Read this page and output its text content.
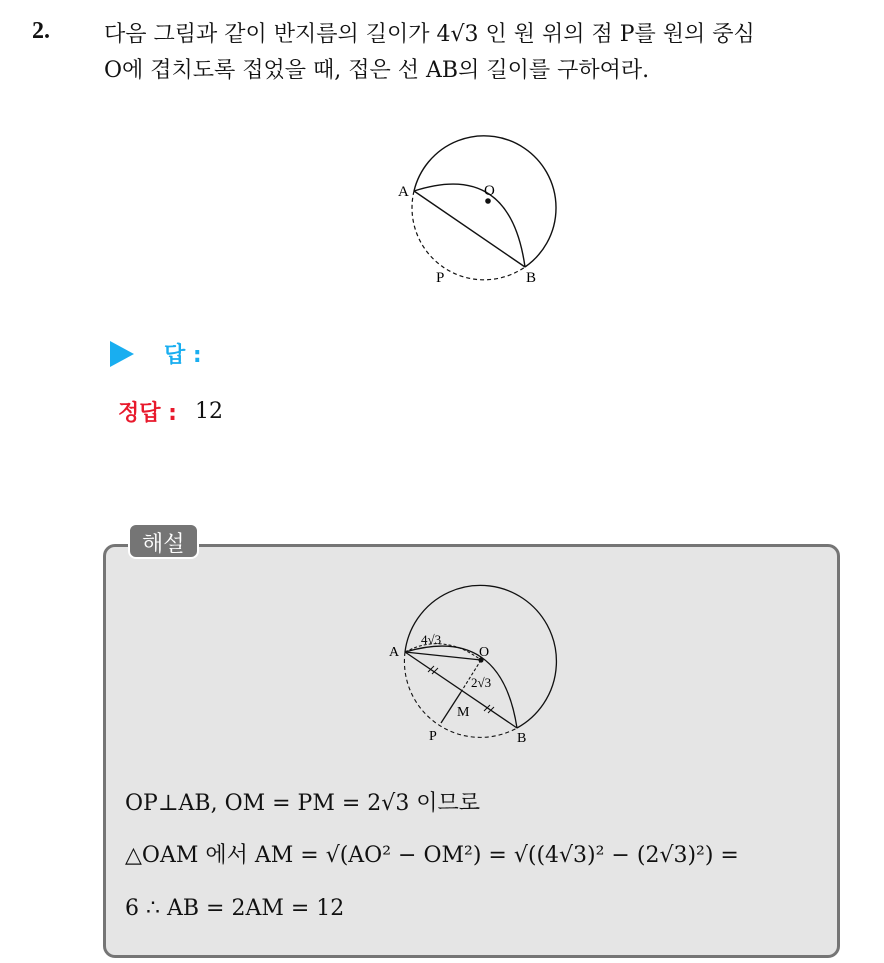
2. 다음 그림과 같이 반지름의 길이가 4√3 인 원 위의 점 P를 원의 중심
O에 겹치도록 접었을 때, 접은 선 AB의 길이를 구하여라.
A	O
P	B
답 :
정답 : 12
해설
4√3
2√3
A	O
M
P	B
OP⊥AB, OM = PM = 2√3 이므로
△OAM 에서 AM = √(AO² − OM²) = √((4√3)² − (2√3)²) =
6 ∴ AB = 2AM = 12
